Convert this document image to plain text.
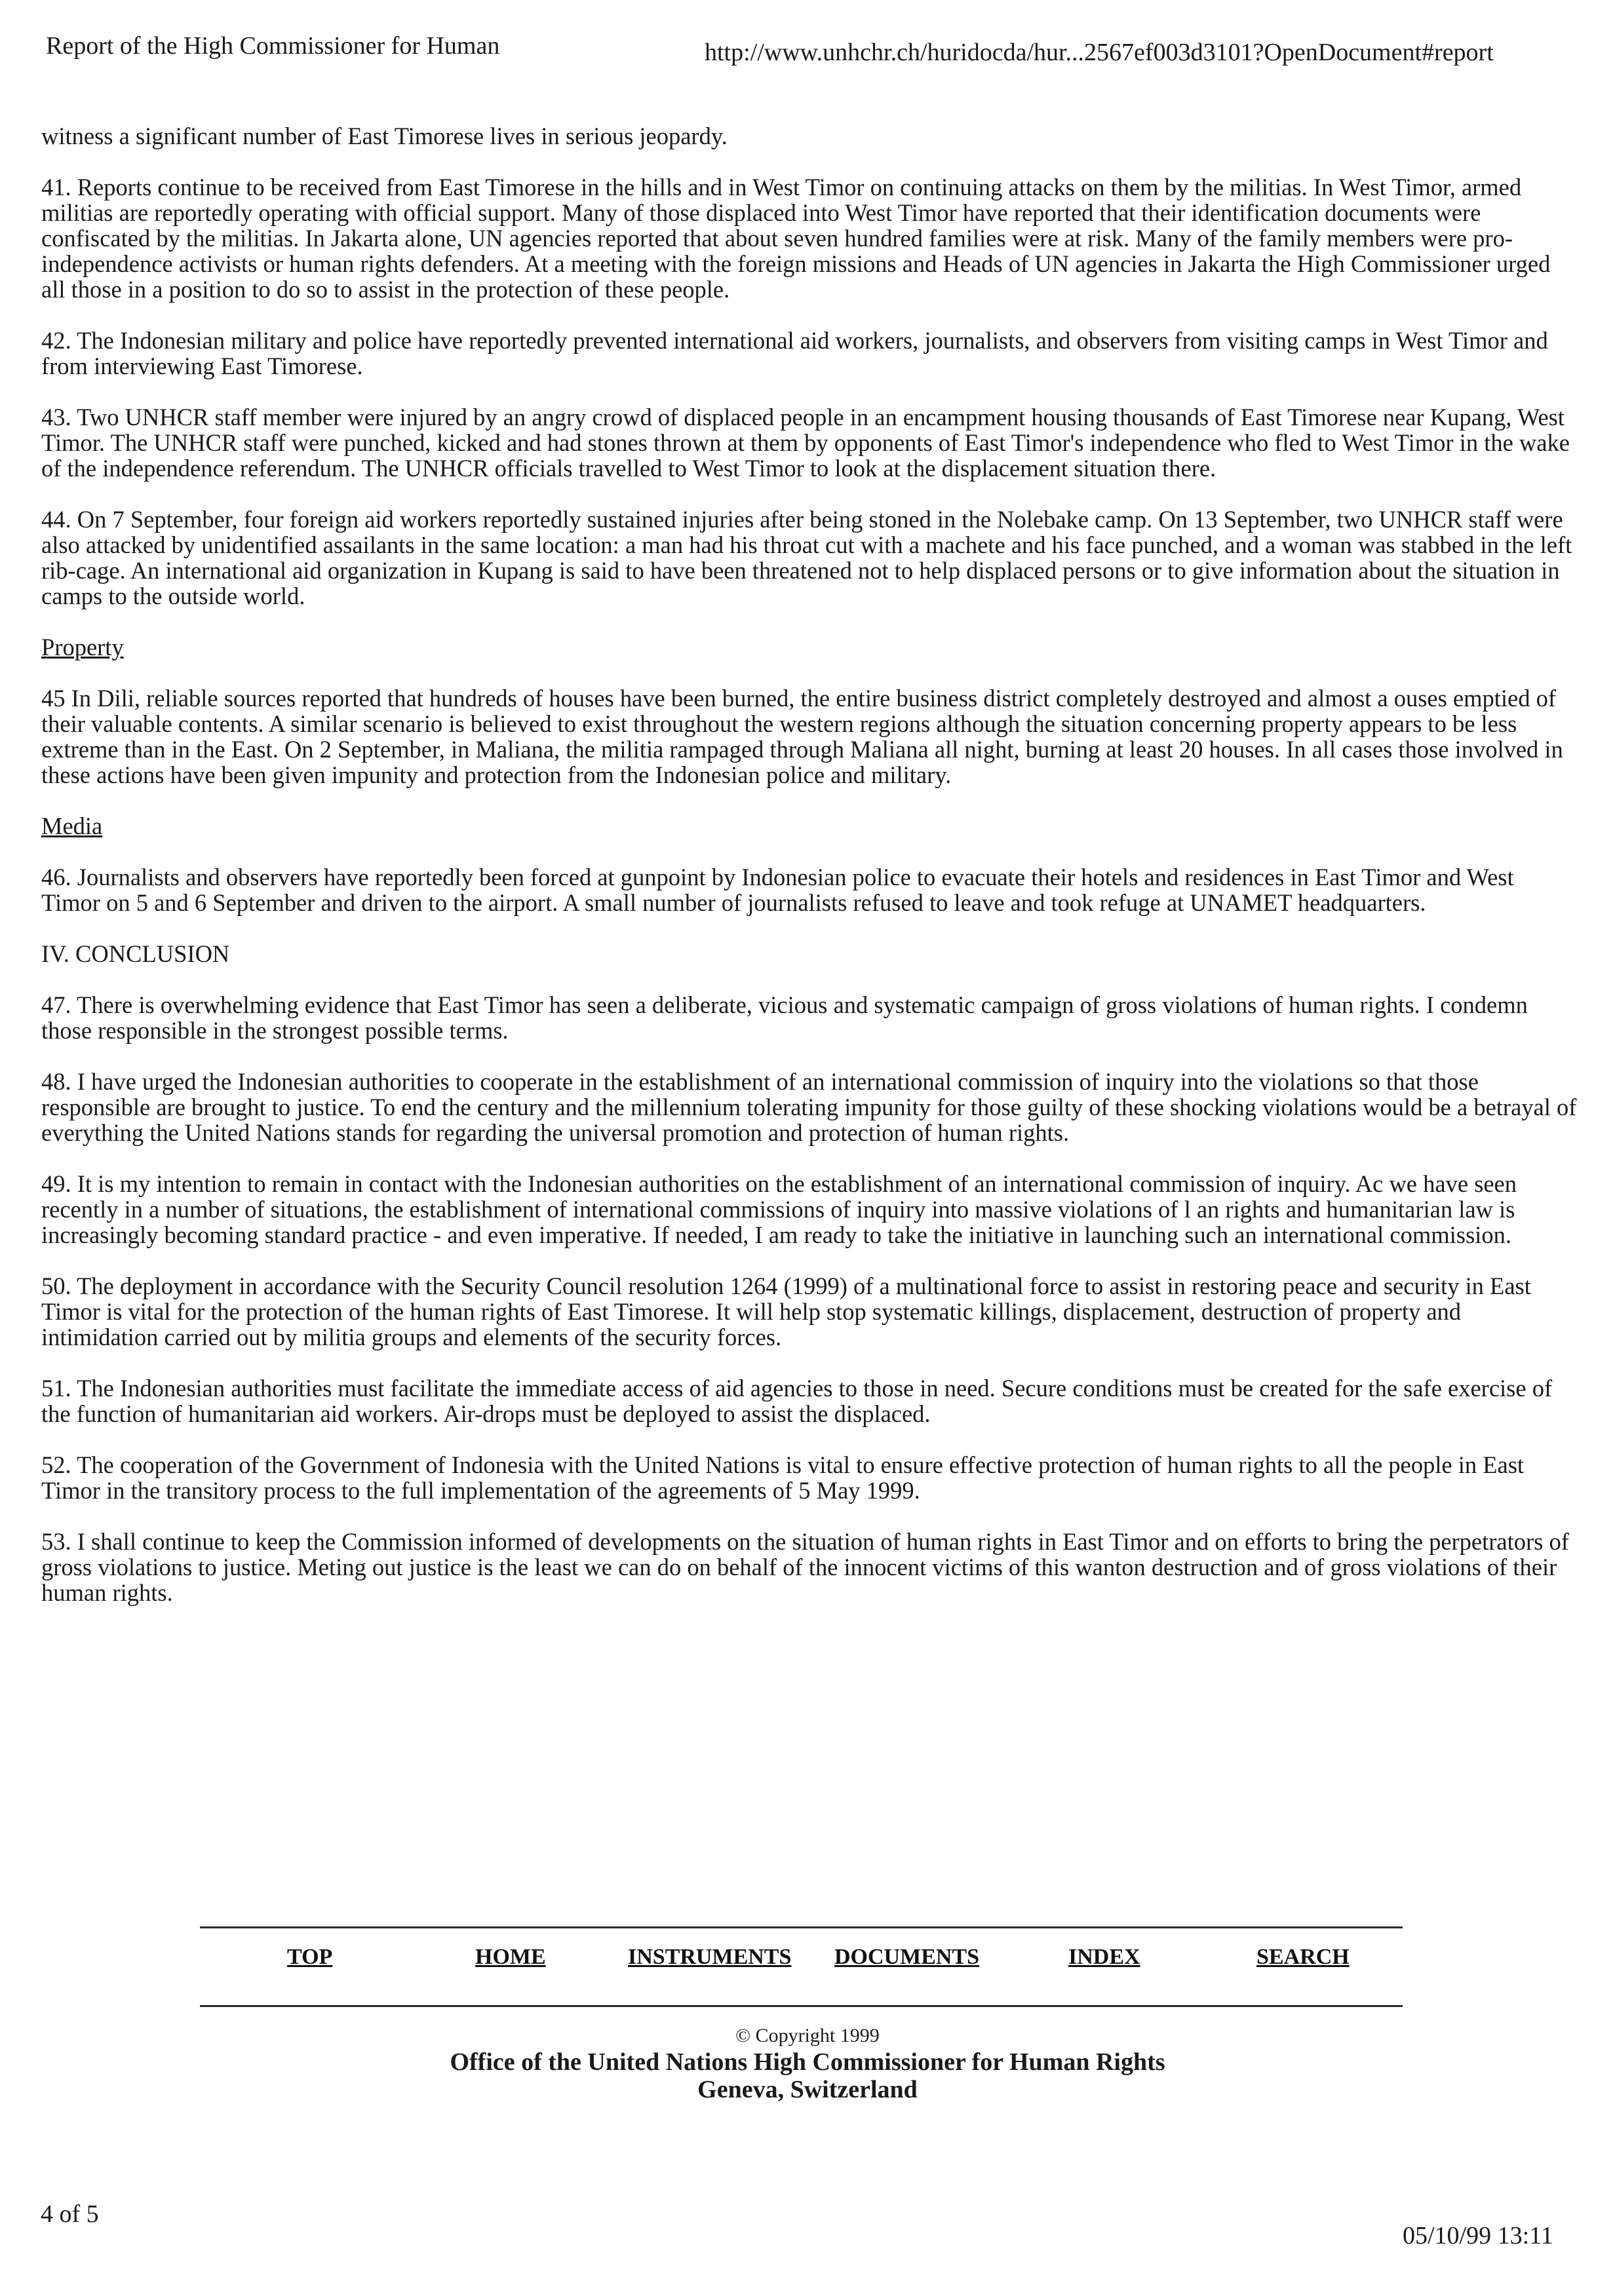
Report of the High Commissioner for Human	http://www.unhchr.ch/huridocda/hur...2567ef003d3101?OpenDocument#report

witness a significant number of East Timorese lives in serious jeopardy.

41. Reports continue to be received from East Timorese in the hills and in West Timor on continuing attacks on them by the militias. In West Timor, armed militias are reportedly operating with official support. Many of those displaced into West Timor have reported that their identification documents were confiscated by the militias. In Jakarta alone, UN agencies reported that about seven hundred families were at risk. Many of the family members were pro-independence activists or human rights defenders. At a meeting with the foreign missions and Heads of UN agencies in Jakarta the High Commissioner urged all those in a position to do so to assist in the protection of these people.

42. The Indonesian military and police have reportedly prevented international aid workers, journalists, and observers from visiting camps in West Timor and from interviewing East Timorese.

43. Two UNHCR staff member were injured by an angry crowd of displaced people in an encampment housing thousands of East Timorese near Kupang, West Timor. The UNHCR staff were punched, kicked and had stones thrown at them by opponents of East Timor's independence who fled to West Timor in the wake of the independence referendum. The UNHCR officials travelled to West Timor to look at the displacement situation there.

44. On 7 September, four foreign aid workers reportedly sustained injuries after being stoned in the Nolebake camp. On 13 September, two UNHCR staff were also attacked by unidentified assailants in the same location: a man had his throat cut with a machete and his face punched, and a woman was stabbed in the left rib-cage. An international aid organization in Kupang is said to have been threatened not to help displaced persons or to give information about the situation in camps to the outside world.

Property

45 In Dili, reliable sources reported that hundreds of houses have been burned, the entire business district completely destroyed and almost a ouses emptied of their valuable contents. A similar scenario is believed to exist throughout the western regions although the situation concerning property appears to be less extreme than in the East. On 2 September, in Maliana, the militia rampaged through Maliana all night, burning at least 20 houses. In all cases those involved in these actions have been given impunity and protection from the Indonesian police and military.

Media

46. Journalists and observers have reportedly been forced at gunpoint by Indonesian police to evacuate their hotels and residences in East Timor and West Timor on 5 and 6 September and driven to the airport. A small number of journalists refused to leave and took refuge at UNAMET headquarters.

IV. CONCLUSION

47. There is overwhelming evidence that East Timor has seen a deliberate, vicious and systematic campaign of gross violations of human rights. I condemn those responsible in the strongest possible terms.

48. I have urged the Indonesian authorities to cooperate in the establishment of an international commission of inquiry into the violations so that those responsible are brought to justice. To end the century and the millennium tolerating impunity for those guilty of these shocking violations would be a betrayal of everything the United Nations stands for regarding the universal promotion and protection of human rights.

49. It is my intention to remain in contact with the Indonesian authorities on the establishment of an international commission of inquiry. Ac we have seen recently in a number of situations, the establishment of international commissions of inquiry into massive violations of l an rights and humanitarian law is increasingly becoming standard practice - and even imperative. If needed, I am ready to take the initiative in launching such an international commission.

50. The deployment in accordance with the Security Council resolution 1264 (1999) of a multinational force to assist in restoring peace and security in East Timor is vital for the protection of the human rights of East Timorese. It will help stop systematic killings, displacement, destruction of property and intimidation carried out by militia groups and elements of the security forces.

51. The Indonesian authorities must facilitate the immediate access of aid agencies to those in need. Secure conditions must be created for the safe exercise of the function of humanitarian aid workers. Air-drops must be deployed to assist the displaced.

52. The cooperation of the Government of Indonesia with the United Nations is vital to ensure effective protection of human rights to all the people in East Timor in the transitory process to the full implementation of the agreements of 5 May 1999.

53. I shall continue to keep the Commission informed of developments on the situation of human rights in East Timor and on efforts to bring the perpetrators of gross violations to justice. Meting out justice is the least we can do on behalf of the innocent victims of this wanton destruction and of gross violations of their human rights.

TOP	HOME	INSTRUMENTS DOCUMENTS	INDEX	SEARCH
© Copyright 1999
Office of the United Nations High Commissioner for Human Rights
Geneva, Switzerland
4 of 5
05/10/99 13:11
